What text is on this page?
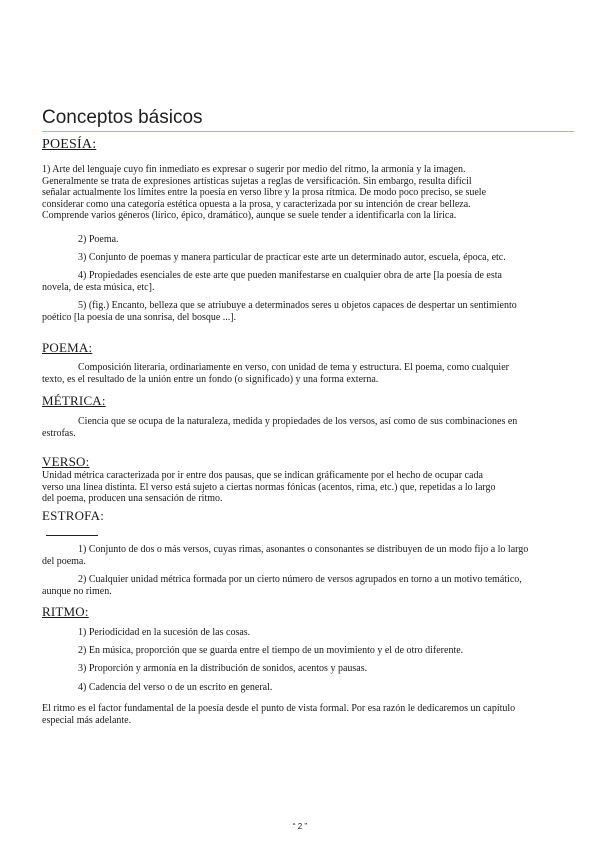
Conceptos básicos
POESÍA:
1) Arte del lenguaje cuyo fin inmediato es expresar o sugerir por medio del ritmo, la armonía y la imagen.
Generalmente se trata de expresiones artísticas sujetas a reglas de versificación. Sin embargo, resulta difícil
señalar actualmente los límites entre la poesía en verso libre y la prosa rítmica. De modo poco preciso, se suele
considerar como una categoría estética opuesta a la prosa, y caracterizada por su intención de crear belleza.
Comprende varios géneros (lírico, épico, dramático), aunque se suele tender a identificarla con la lírica.
2) Poema.
3) Conjunto de poemas y manera particular de practicar este arte un determinado autor, escuela, época, etc.
4) Propiedades esenciales de este arte que pueden manifestarse en cualquier obra de arte [la poesía de esta
novela, de esta música, etc].
5) (fig.) Encanto, belleza que se atriubuye a determinados seres u objetos capaces de despertar un sentimiento
poético [la poesía de una sonrisa, del bosque ...].
POEMA:
Composición literaria, ordinariamente en verso, con unidad de tema y estructura. El poema, como cualquier
texto, es el resultado de la unión entre un fondo (o significado) y una forma externa.
MÉTRICA:
Ciencia que se ocupa de la naturaleza, medida y propiedades de los versos, así como de sus combinaciones en
estrofas.
VERSO:
Unidad métrica caracterizada por ir entre dos pausas, que se indican gráficamente por el hecho de ocupar cada
verso una línea distinta. El verso está sujeto a ciertas normas fónicas (acentos, rima, etc.) que, repetidas a lo largo
del poema, producen una sensación de ritmo.
ESTROFA:
1) Conjunto de dos o más versos, cuyas rimas, asonantes o consonantes se distribuyen de un modo fijo a lo largo
del poema.
2) Cualquier unidad métrica formada por un cierto número de versos agrupados en torno a un motivo temático,
aunque no rimen.
RITMO:
1) Periodicidad en la sucesión de las cosas.
2) En música, proporción que se guarda entre el tiempo de un movimiento y el de otro diferente.
3) Proporción y armonía en la distribución de sonidos, acentos y pausas.
4) Cadencia del verso o de un escrito en general.
El ritmo es el factor fundamental de la poesía desde el punto de vista formal. Por esa razón le dedicaremos un capítulo
especial más adelante.
“ 2 ”
